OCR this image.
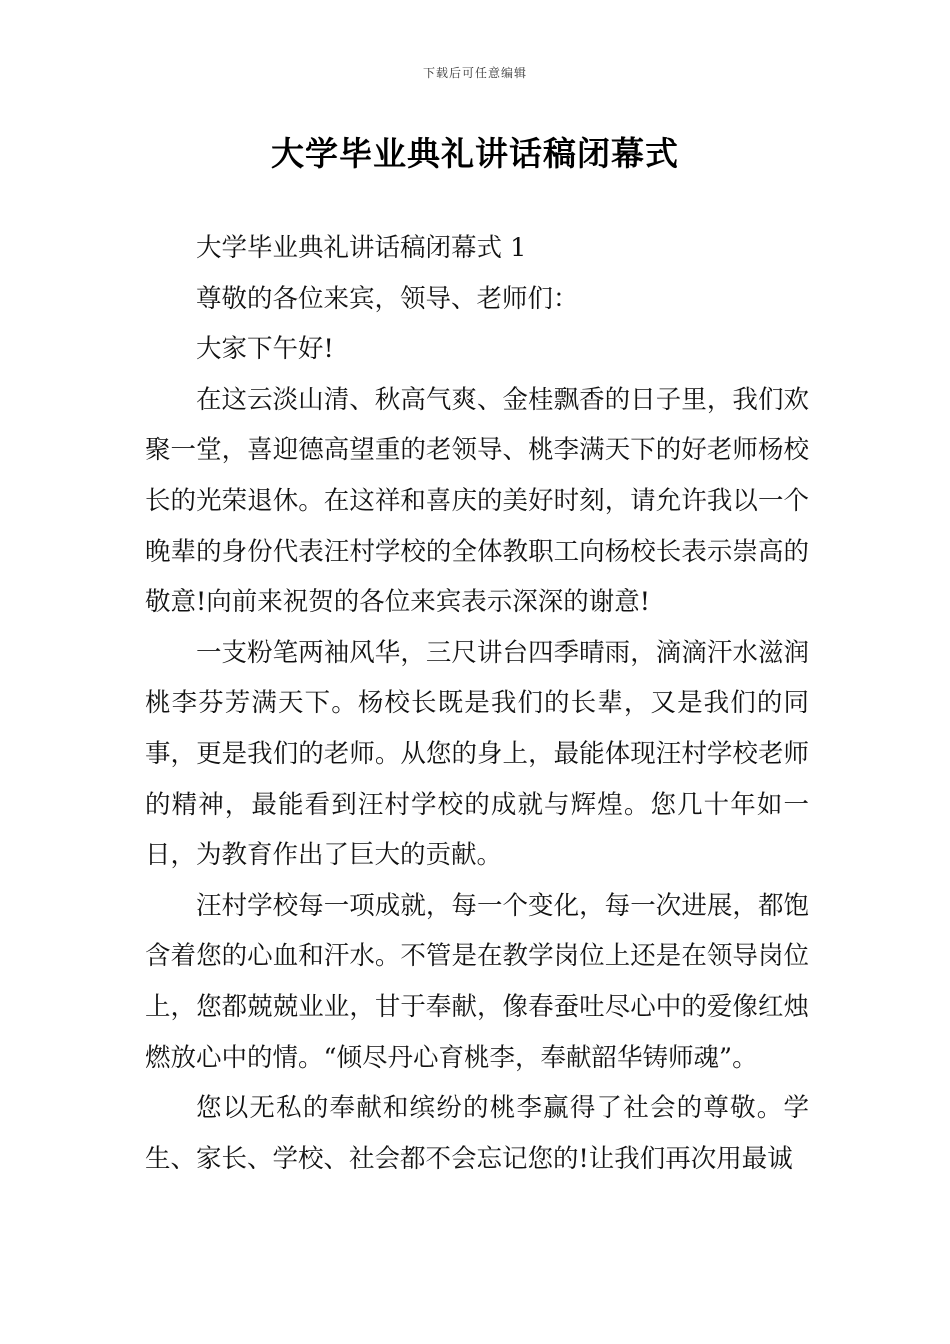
下载后可任意编辑
大学毕业典礼讲话稿闭幕式

大学毕业典礼讲话稿闭幕式 1

尊敬的各位来宾，领导、老师们：

大家下午好!

在这云淡山清、秋高气爽、金桂飘香的日子里，我们欢聚一堂，喜迎德高望重的老领导、桃李满天下的好老师杨校长的光荣退休。在这祥和喜庆的美好时刻，请允许我以一个晚辈的身份代表汪村学校的全体教职工向杨校长表示崇高的敬意!向前来祝贺的各位来宾表示深深的谢意!

一支粉笔两袖风华，三尺讲台四季晴雨，滴滴汗水滋润桃李芬芳满天下。杨校长既是我们的长辈，又是我们的同事，更是我们的老师。从您的身上，最能体现汪村学校老师的精神，最能看到汪村学校的成就与辉煌。您几十年如一日，为教育作出了巨大的贡献。

汪村学校每一项成就，每一个变化，每一次进展，都饱含着您的心血和汗水。不管是在教学岗位上还是在领导岗位上，您都兢兢业业，甘于奉献，像春蚕吐尽心中的爱像红烛燃放心中的情。“倾尽丹心育桃李，奉献韶华铸师魂”。

您以无私的奉献和缤纷的桃李赢得了社会的尊敬。学生、家长、学校、社会都不会忘记您的!让我们再次用最诚
